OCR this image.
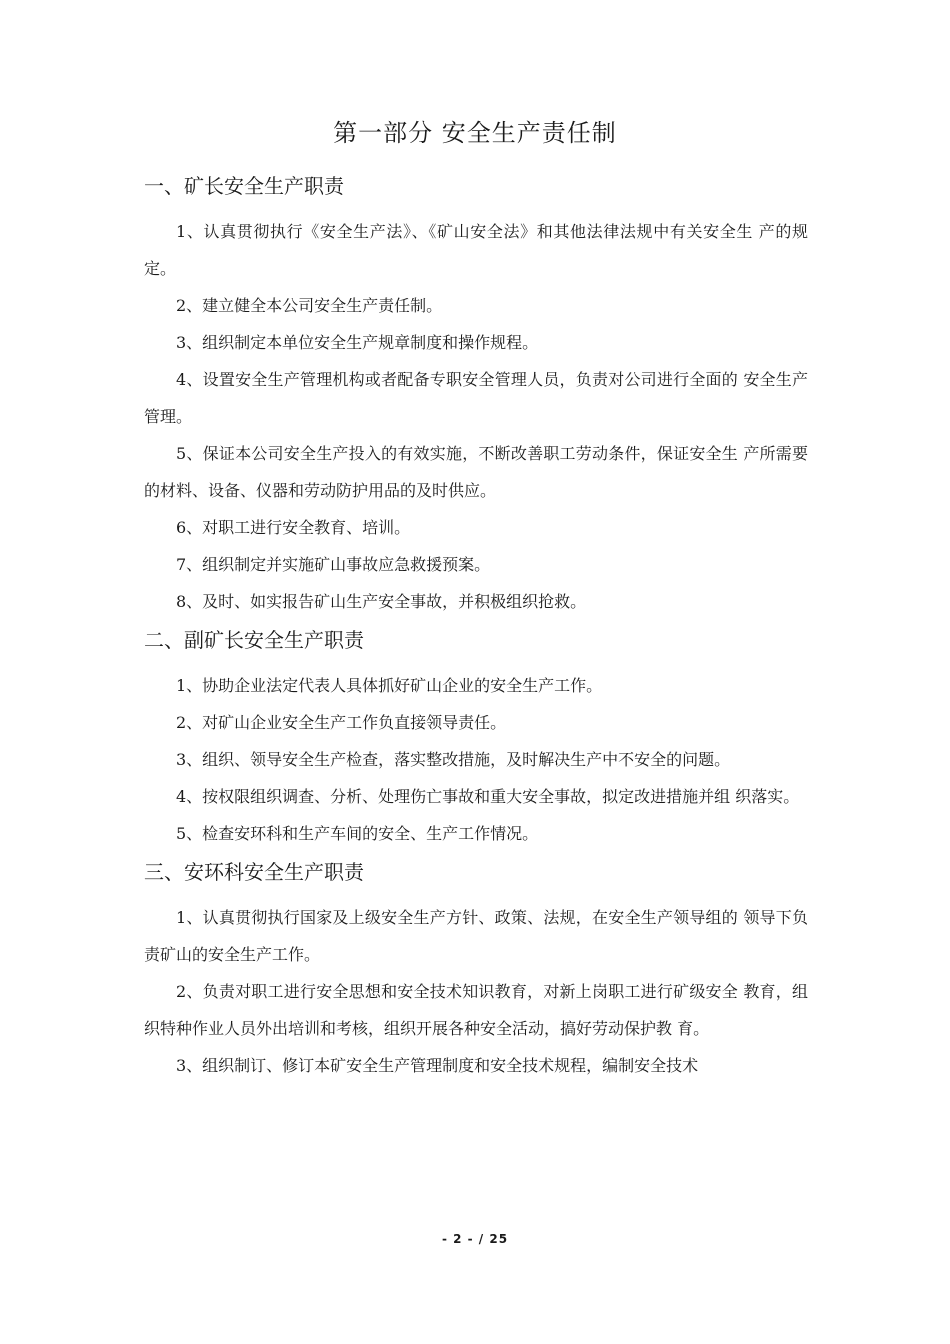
第一部分 安全生产责任制
一、矿长安全生产职责

1、认真贯彻执行《安全生产法》、《矿山安全法》和其他法律法规中有关安全生 产的规定。

2、建立健全本公司安全生产责任制。

3、组织制定本单位安全生产规章制度和操作规程。

4、设置安全生产管理机构或者配备专职安全管理人员，负责对公司进行全面的 安全生产管理。

5、保证本公司安全生产投入的有效实施，不断改善职工劳动条件，保证安全生 产所需要的材料、设备、仪器和劳动防护用品的及时供应。

6、对职工进行安全教育、培训。

7、组织制定并实施矿山事故应急救援预案。

8、及时、如实报告矿山生产安全事故，并积极组织抢救。

二、副矿长安全生产职责

1、协助企业法定代表人具体抓好矿山企业的安全生产工作。

2、对矿山企业安全生产工作负直接领导责任。

3、组织、领导安全生产检查，落实整改措施，及时解决生产中不安全的问题。

4、按权限组织调查、分析、处理伤亡事故和重大安全事故，拟定改进措施并组 织落实。

5、检查安环科和生产车间的安全、生产工作情况。

三、安环科安全生产职责

1、认真贯彻执行国家及上级安全生产方针、政策、法规，在安全生产领导组的 领导下负责矿山的安全生产工作。

2、负责对职工进行安全思想和安全技术知识教育，对新上岗职工进行矿级安全 教育，组织特种作业人员外出培训和考核，组织开展各种安全活动，搞好劳动保护教 育。

3、组织制订、修订本矿安全生产管理制度和安全技术规程，编制安全技术

- 2 - / 25
